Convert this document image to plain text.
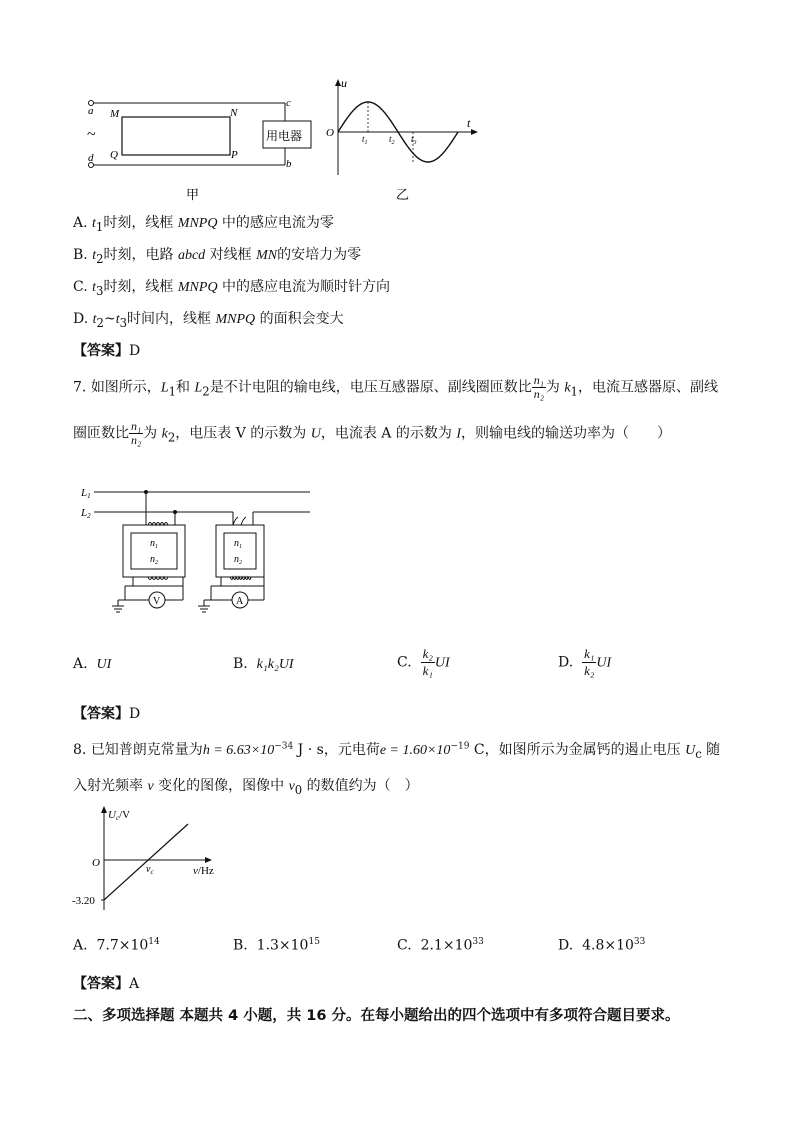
a
d
M	N
Q	P
c
b
用电器
~
甲
u
t
O	$t_1$ $t_2$ $t_3$
乙
A. $t_1$时刻，线框 MNPQ 中的感应电流为零
B. $t_2$时刻，电路 abcd 对线框 MN的安培力为零
C. $t_3$时刻，线框 MNPQ 中的感应电流为顺时针方向
D. $t_2\sim t_3$时间内，线框 MNPQ 的面积会变大
【答案】D
7. 如图所示，$L_1$和 $L_2$是不计电阻的输电线，电压互感器原、副线圈匝数比 $\frac{\text{n₁}}{\text{n₂}}$ 为 $k_1$，电流互感器原、副线
圈匝数比 $\frac{\text{n₁}}{\text{n₂}}$ 为 $k_2$，电压表 V 的示数为 U，电流表 A 的示数为 I，则输电线的输送功率为（　　）
L1
L2
$n_1$
$n_2$
V
$n_1$
$n_2$
A
A. UI	B. k₁k₂UI	C. $\frac{\text{k₂}}{\text{k₁}}$ UI	D. $\frac{\text{k₁}}{\text{k₂}}$ UI
【答案】D
8. 已知普朗克常量为$h = 6.63\times 10^{-34}$ J · s，元电荷$e = 1.60\times 10^{-19}$ C，如图所示为金属钙的遏止电压 $U_c$ 随
入射光频率 ν 变化的图像，图像中 $\nu_0$ 的数值约为（　）
Uc/V
O
$\nu_c$	ν/Hz
-3.20
A. $7.7\times 10^{14}$	B. $1.3\times 10^{15}$	C. $2.1\times 10^{33}$	D. $4.8\times 10^{33}$
【答案】A
二、多项选择题 本题共 4 小题，共 16 分。在每小题给出的四个选项中有多项符合题目要求。
